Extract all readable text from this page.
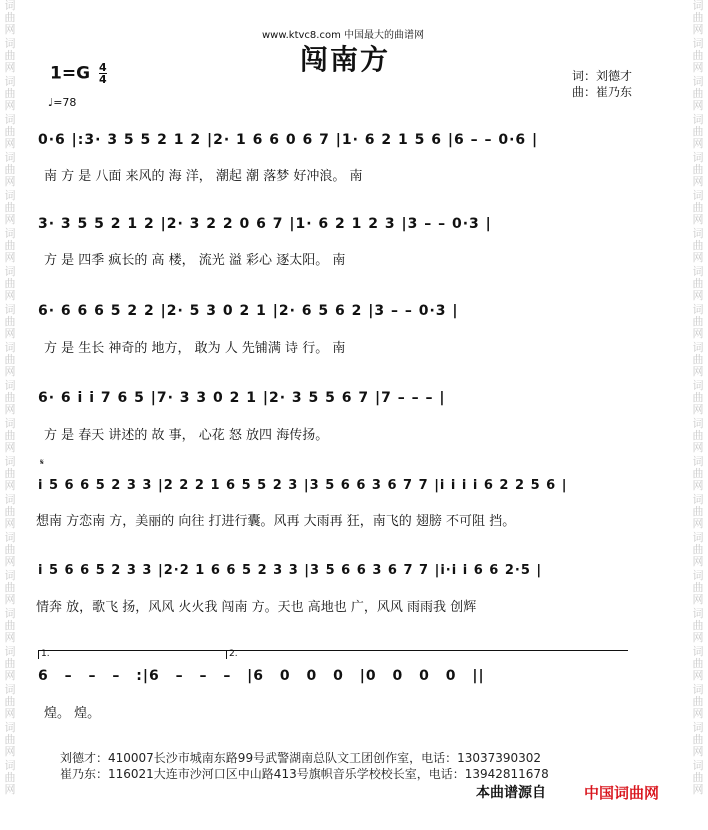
词曲网
词曲网
词曲网
词曲网
词曲网
词曲网
词曲网
词曲网
词曲网
词曲网
词曲网
词曲网
词曲网
词曲网
词曲网
词曲网
词曲网
词曲网
词曲网
词曲网
词曲网
词曲网
词曲网
词曲网
词曲网
词曲网
词曲网
词曲网
词曲网
词曲网
词曲网
词曲网
词曲网
词曲网
词曲网
词曲网
词曲网
词曲网
词曲网
词曲网
词曲网
词曲网
www.ktvc8.com 中国最大的曲谱网
闯南方
$1=G \frac{4}{4}$
♩=78
词：刘德才
曲：崔乃东
0·6 |:3· 3 5 5 2 1 2 |2· 1 6 6 0 6 7 |1· 6 2 1 5 6 |6 – – 0·6 |
南 方 是 八面 来风的 海 洋， 潮起 潮 落梦 好冲浪。 南
3· 3 5 5 2 1 2 |2· 3 2 2 0 6 7 |1· 6 2 1 2 3 |3 – – 0·3 |
方 是 四季 疯长的 高 楼， 流光 溢 彩心 逐太阳。 南
6· 6 6 6 5 2 2 |2· 5 3 0 2 1 |2· 6 5 6 2 |3 – – 0·3 |
方 是 生长 神奇的 地方， 敢为 人 先铺满 诗 行。 南
6· 6 i i 7 6 5 |7· 3 3 0 2 1 |2· 3 5 5 6 7 |7 – – – |
方 是 春天 讲述的 故 事， 心花 怒 放四 海传扬。
𝄋
i 5 6 6 5 2 3 3 |2 2 2 1 6 5 5 2 3 |3 5 6 6 3 6 7 7 |i i i i 6 2 2 5 6 |
想南 方恋南 方，美丽的 向往 打进行囊。风再 大雨再 狂，南飞的 翅膀 不可阻 挡。
i 5 6 6 5 2 3 3 |2·2 1 6 6 5 2 3 3 |3 5 6 6 3 6 7 7 |i·i i 6 6 2·5 |
情奔 放，歌飞 扬，风风 火火我 闯南 方。天也 高地也 广，风风 雨雨我 创辉
1.	2.
6 – – – :|6 – – – |6 0 0 0 |0 0 0 0 ||
煌。 煌。
刘德才：410007长沙市城南东路99号武警湖南总队文工团创作室，电话：13037390302
崔乃东：116021大连市沙河口区中山路413号旗帜音乐学校校长室，电话：13942811678
本曲谱源自	中国词曲网
